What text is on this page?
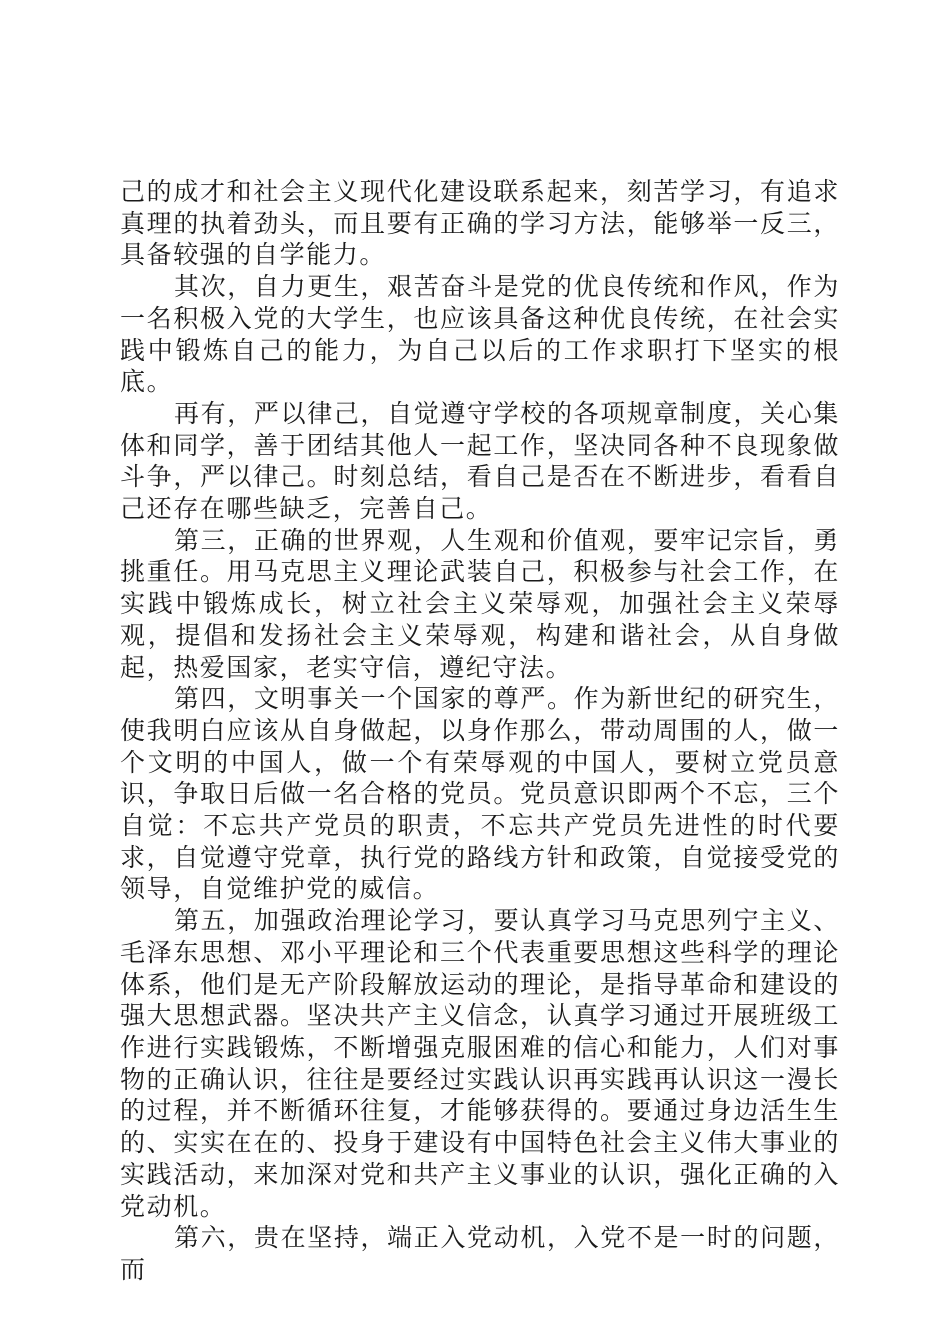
己的成才和社会主义现代化建设联系起来，刻苦学习，有追求真理的执着劲头，而且要有正确的学习方法，能够举一反三，具备较强的自学能力。

其次，自力更生，艰苦奋斗是党的优良传统和作风，作为一名积极入党的大学生，也应该具备这种优良传统，在社会实践中锻炼自己的能力，为自己以后的工作求职打下坚实的根底。

再有，严以律己，自觉遵守学校的各项规章制度，关心集体和同学，善于团结其他人一起工作，坚决同各种不良现象做斗争，严以律己。时刻总结，看自己是否在不断进步，看看自己还存在哪些缺乏，完善自己。

第三，正确的世界观，人生观和价值观，要牢记宗旨，勇挑重任。用马克思主义理论武装自己，积极参与社会工作，在实践中锻炼成长，树立社会主义荣辱观，加强社会主义荣辱观，提倡和发扬社会主义荣辱观，构建和谐社会，从自身做起，热爱国家，老实守信，遵纪守法。

第四，文明事关一个国家的尊严。作为新世纪的研究生，使我明白应该从自身做起，以身作那么，带动周围的人，做一个文明的中国人，做一个有荣辱观的中国人，要树立党员意识，争取日后做一名合格的党员。党员意识即两个不忘，三个自觉：不忘共产党员的职责，不忘共产党员先进性的时代要求，自觉遵守党章，执行党的路线方针和政策，自觉接受党的领导，自觉维护党的威信。

第五，加强政治理论学习，要认真学习马克思列宁主义、毛泽东思想、邓小平理论和三个代表重要思想这些科学的理论体系，他们是无产阶段解放运动的理论，是指导革命和建设的强大思想武器。坚决共产主义信念，认真学习通过开展班级工作进行实践锻炼，不断增强克服困难的信心和能力，人们对事物的正确认识，往往是要经过实践认识再实践再认识这一漫长的过程，并不断循环往复，才能够获得的。要通过身边活生生的、实实在在的、投身于建设有中国特色社会主义伟大事业的实践活动，来加深对党和共产主义事业的认识，强化正确的入党动机。

第六，贵在坚持，端正入党动机，入党不是一时的问题，而
